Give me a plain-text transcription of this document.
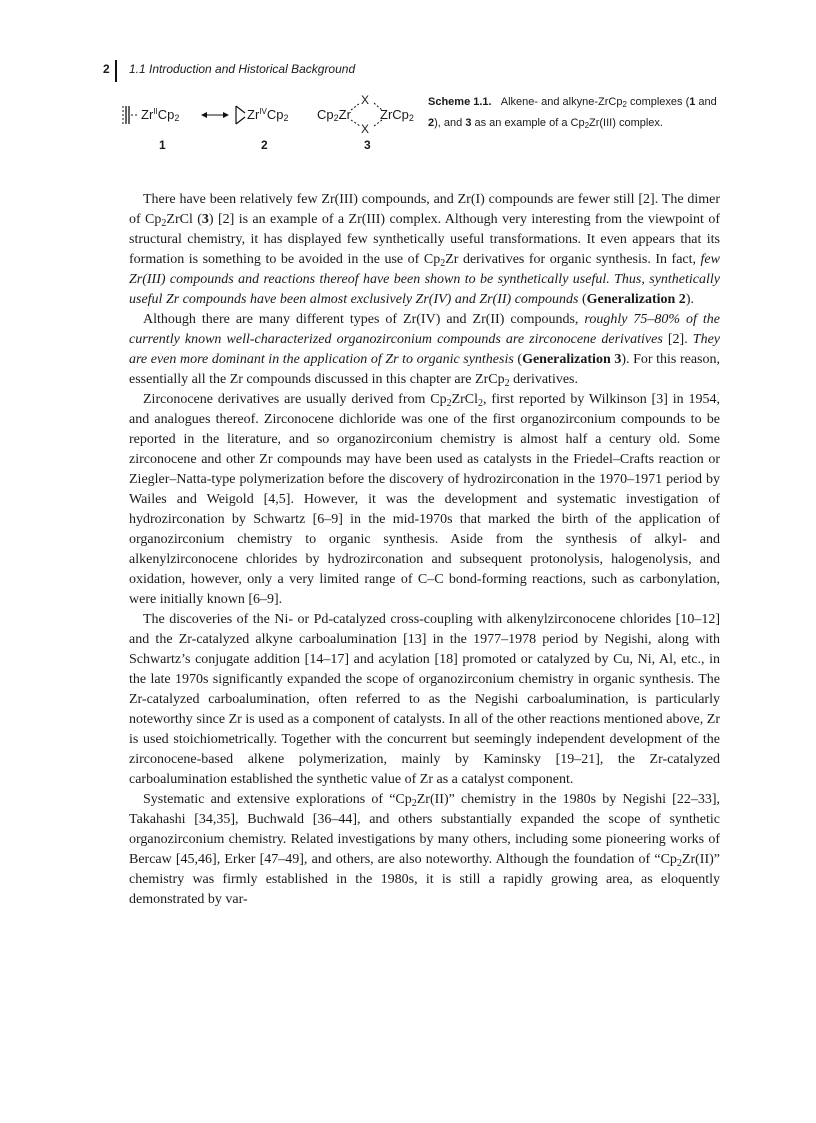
2 1.1 Introduction and Historical Background
$Zr^{II}Cp_2$	$Zr^{IV}Cp_2$ $Cp_2Zr$ ZrCp$_2$
X
X
1	2	3
Scheme 1.1. Alkene- and alkyne-ZrCp$_2$ complexes (1 and 2), and 3 as an example of a $Cp_2Zr(III)$ complex.

There have been relatively few Zr(III) compounds, and Zr(I) compounds are fewer still [2]. The dimer of $Cp_2ZrCl$ (3) [2] is an example of a Zr(III) complex. Although very interesting from the viewpoint of structural chemistry, it has displayed few synthetically useful transformations. It even appears that its formation is something to be avoided in the use of $Cp_2Zr$ derivatives for organic synthesis. In fact, few Zr(III) compounds and reactions thereof have been shown to be synthetically useful. Thus, synthetically useful Zr compounds have been almost exclusively Zr(IV) and Zr(II) compounds (Generalization 2).

Although there are many different types of Zr(IV) and Zr(II) compounds, roughly 75–80% of the currently known well-characterized organozirconium compounds are zirconocene derivatives [2]. They are even more dominant in the application of Zr to organic synthesis (Generalization 3). For this reason, essentially all the Zr compounds discussed in this chapter are ZrCp$_2$ derivatives.

Zirconocene derivatives are usually derived from $Cp_2ZrCl_2$, first reported by Wilkinson [3] in 1954, and analogues thereof. Zirconocene dichloride was one of the first organozirconium compounds to be reported in the literature, and so organozirconium chemistry is almost half a century old. Some zirconocene and other Zr compounds may have been used as catalysts in the Friedel–Crafts reaction or Ziegler–Natta-type polymerization before the discovery of hydrozirconation in the 1970–1971 period by Wailes and Weigold [4,5]. However, it was the development and systematic investigation of hydrozirconation by Schwartz [6–9] in the mid-1970s that marked the birth of the application of organozirconium chemistry to organic synthesis. Aside from the synthesis of alkyl- and alkenylzirconocene chlorides by hydrozirconation and subsequent protonolysis, halogenolysis, and oxidation, however, only a very limited range of C–C bond-forming reactions, such as carbonylation, were initially known [6–9].

The discoveries of the Ni- or Pd-catalyzed cross-coupling with alkenylzirconocene chlorides [10–12] and the Zr-catalyzed alkyne carboalumination [13] in the 1977–1978 period by Negishi, along with Schwartz’s conjugate addition [14–17] and acylation [18] promoted or catalyzed by Cu, Ni, Al, etc., in the late 1970s significantly expanded the scope of organozirconium chemistry in organic synthesis. The Zr-catalyzed carboalumination, often referred to as the Negishi carboalumination, is particularly noteworthy since Zr is used as a component of catalysts. In all of the other reactions mentioned above, Zr is used stoichiometrically. Together with the concurrent but seemingly independent development of the zirconocene-based alkene polymerization, mainly by Kaminsky [19–21], the Zr-catalyzed carboalumination established the synthetic value of Zr as a catalyst component.

Systematic and extensive explorations of “$Cp_2Zr(II)$” chemistry in the 1980s by Negishi [22–33], Takahashi [34,35], Buchwald [36–44], and others substantially expanded the scope of synthetic organozirconium chemistry. Related investigations by many others, including some pioneering works of Bercaw [45,46], Erker [47–49], and others, are also noteworthy. Although the foundation of “$Cp_2Zr(II)$” chemistry was firmly established in the 1980s, it is still a rapidly growing area, as eloquently demonstrated by var-
